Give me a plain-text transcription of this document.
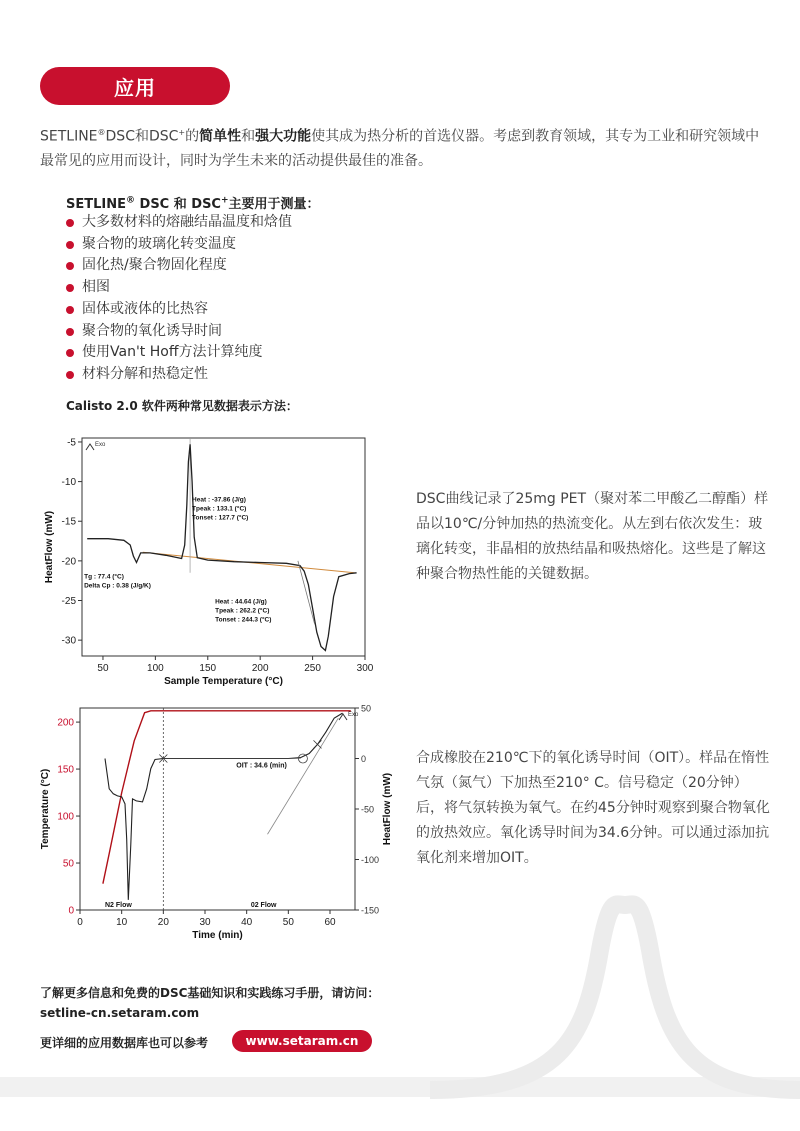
应用
SETLINE®DSC和DSC+的简单性和强大功能使其成为热分析的首选仪器。考虑到教育领域，其专为工业和研究领域中最常见的应用而设计，同时为学生未来的活动提供最佳的准备。
SETLINE® DSC 和 DSC+主要用于测量：
大多数材料的熔融结晶温度和焓值
聚合物的玻璃化转变温度
固化热/聚合物固化程度
相图
固体或液体的比热容
聚合物的氧化诱导时间
使用Van't Hoff方法计算纯度
材料分解和热稳定性
Calisto 2.0 软件两种常见数据表示方法：
50	100	150	200	250	300
-5
-10
-15
-20
-25
-30
Sample Temperature (°C)
HeatFlow (mW)
Exo
Heat : -37.86 (J/g)
Tpeak : 133.1 (°C)
Tonset : 127.7 (°C)
Tg : 77.4 (°C)
Delta Cp : 0.38 (J/g/K)
Heat : 44.64 (J/g)
Tpeak : 262.2 (°C)
Tonset : 244.3 (°C)
DSC曲线记录了25mg PET（聚对苯二甲酸乙二醇酯）样品以10℃/分钟加热的热流变化。从左到右依次发生：玻璃化转变，非晶相的放热结晶和吸热熔化。这些是了解这种聚合物热性能的关键数据。
0	10	20	30	40	50	60
0
50
100
150
200
50
0
-50
-100
-150
Time (min)
Temperature (°C)	HeatFlow (mW)
Exo
OIT : 34.6 (min)
N2 Flow	02 Flow
合成橡胶在210℃下的氧化诱导时间（OIT）。样品在惰性气氛（氮气）下加热至210° C。信号稳定（20分钟）后，将气氛转换为氧气。在约45分钟时观察到聚合物氧化的放热效应。氧化诱导时间为34.6分钟。可以通过添加抗氧化剂来增加OIT。
了解更多信息和免费的DSC基础知识和实践练习手册，请访问：
setline-cn.setaram.com
更详细的应用数据库也可以参考	www.setaram.cn
